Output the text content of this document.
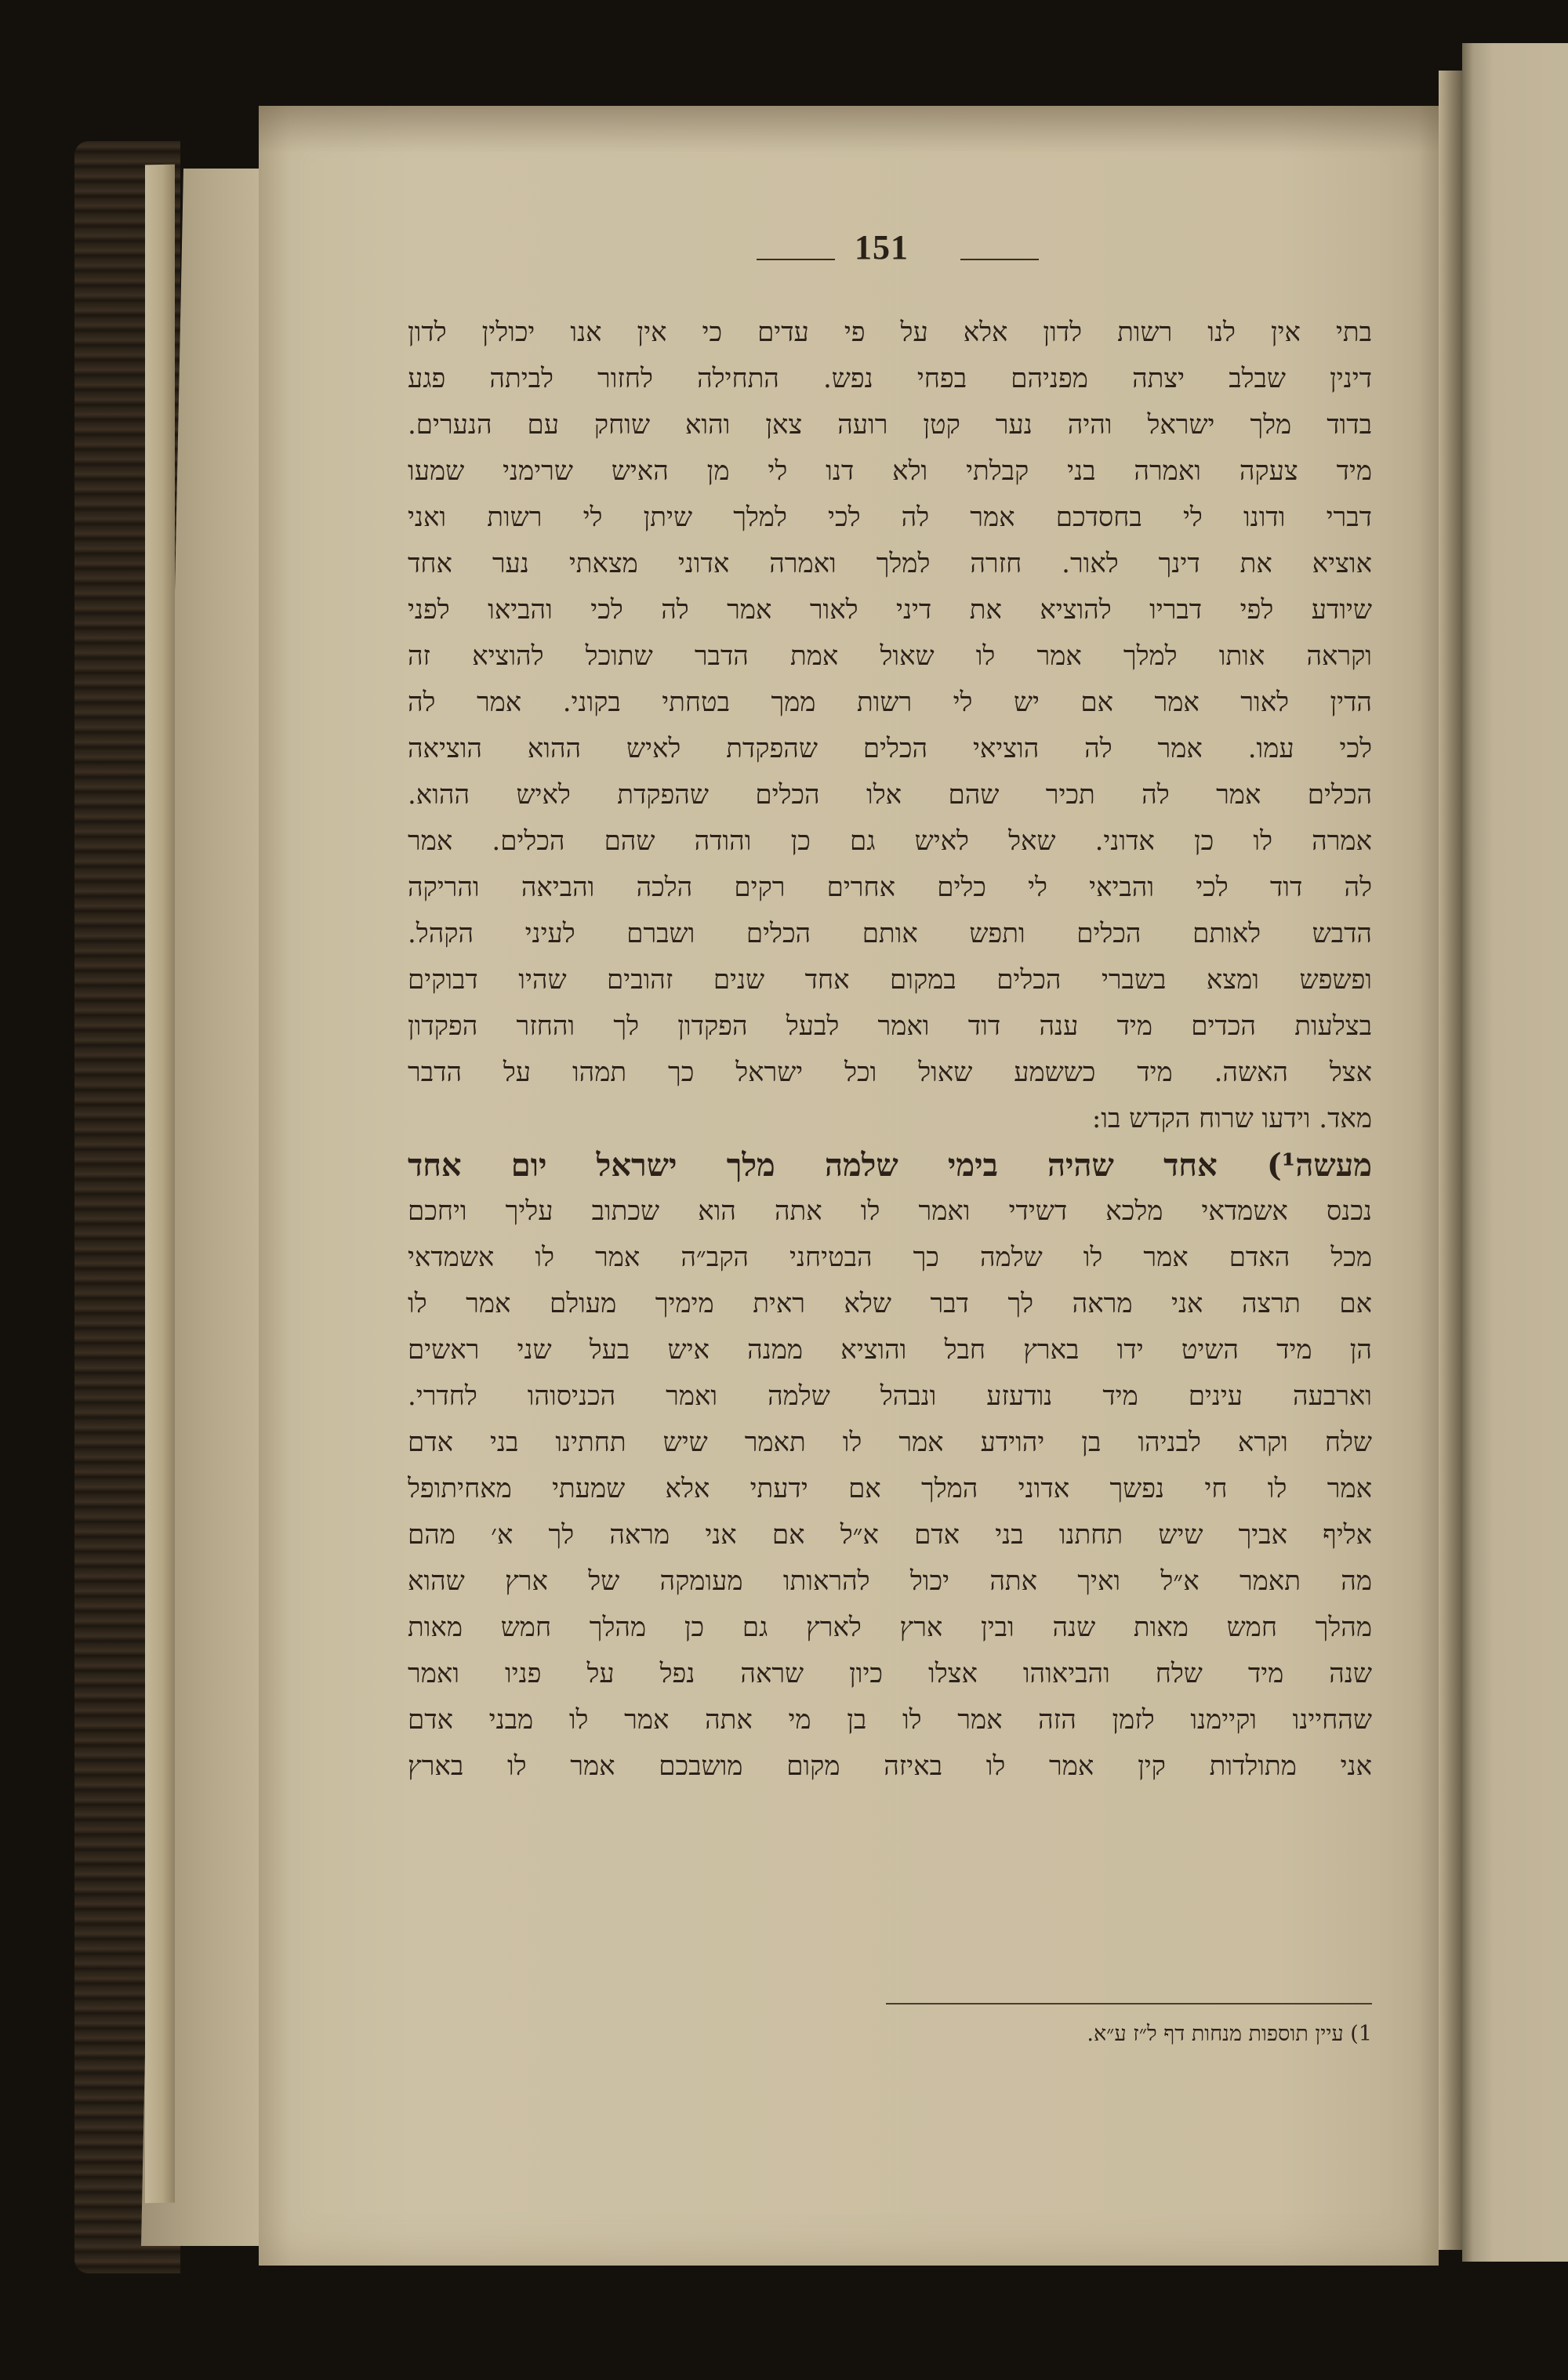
151
בתי אין לנו רשות לדון אלא על פי עדים כי אין אנו יכולין לדון
דינין שבלב יצתה מפניהם בפחי נפש. התחילה לחזור לביתה פגע
בדוד מלך ישראל והיה נער קטן רועה צאן והוא שוחק עם הנערים.
מיד צעקה ואמרה בני קבלתי ולא דנו לי מן האיש שרימני שמעו
דברי ודונו לי בחסדכם אמר לה לכי למלך שיתן לי רשות ואני
אוציא את דינך לאור. חזרה למלך ואמרה אדוני מצאתי נער אחד
שיודע לפי דבריו להוציא את דיני לאור אמר לה לכי והביאו לפני
וקראה אותו למלך אמר לו שאול אמת הדבר שתוכל להוציא זה
הדין לאור אמר אם יש לי רשות ממך בטחתי בקוני. אמר לה
לכי עמו. אמר לה הוציאי הכלים שהפקדת לאיש ההוא הוציאה
הכלים אמר לה תכיר שהם אלו הכלים שהפקדת לאיש ההוא.
אמרה לו כן אדוני. שאל לאיש גם כן והודה שהם הכלים. אמר
לה דוד לכי והביאי לי כלים אחרים רקים הלכה והביאה והריקה
הדבש לאותם הכלים ותפש אותם הכלים ושברם לעיני הקהל.
ופשפש ומצא בשברי הכלים במקום אחד שנים זהובים שהיו דבוקים
בצלעות הכדים מיד ענה דוד ואמר לבעל הפקדון לך והחזר הפקדון
אצל האשה. מיד כששמע שאול וכל ישראל כך תמהו על הדבר
מאד. וידעו שרוח הקדש בו:
מעשה¹) אחד שהיה בימי שלמה מלך ישראל יום אחד
נכנס אשמדאי מלכא דשידי ואמר לו אתה הוא שכתוב עליך ויחכם
מכל האדם אמר לו שלמה כך הבטיחני הקב״ה אמר לו אשמדאי
אם תרצה אני מראה לך דבר שלא ראית מימיך מעולם אמר לו
הן מיד השיט ידו בארץ חבל והוציא ממנה איש בעל שני ראשים
וארבעה עינים מיד נודעזע ונבהל שלמה ואמר הכניסוהו לחדרי.
שלח וקרא לבניהו בן יהוידע אמר לו תאמר שיש תחתינו בני אדם
אמר לו חי נפשך אדוני המלך אם ידעתי אלא שמעתי מאחיתופל
אליף אביך שיש תחתנו בני אדם א״ל אם אני מראה לך א׳ מהם
מה תאמר א״ל ואיך אתה יכול להראותו מעומקה של ארץ שהוא
מהלך חמש מאות שנה ובין ארץ לארץ גם כן מהלך חמש מאות
שנה מיד שלח והביאוהו אצלו כיון שראה נפל על פניו ואמר
שהחיינו וקיימנו לזמן הזה אמר לו בן מי אתה אמר לו מבני אדם
אני מתולדות קין אמר לו באיזה מקום מושבכם אמר לו בארץ
1) עיין תוספות מנחות דף ל״ז ע״א.
